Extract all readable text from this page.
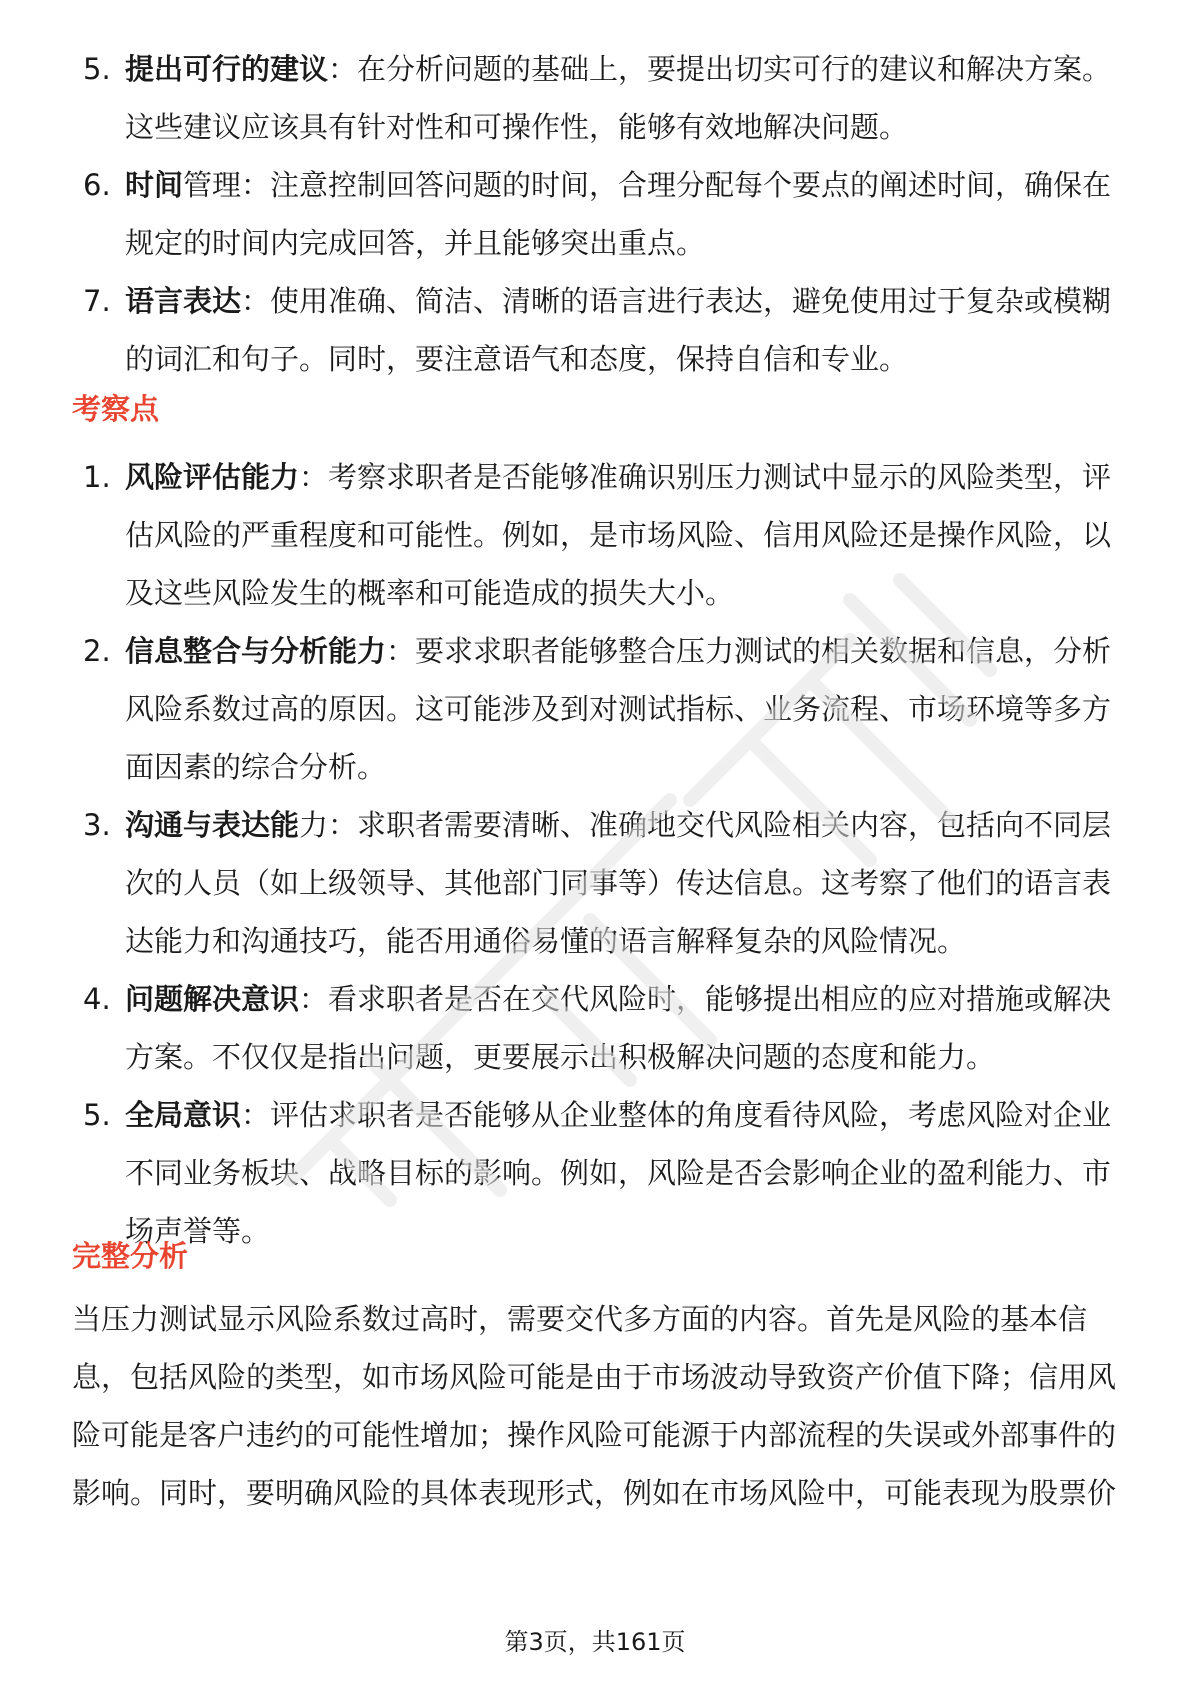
5. 提出可行的建议：在分析问题的基础上，要提出切实可行的建议和解决方案。这些建议应该具有针对性和可操作性，能够有效地解决问题。
6. 时间管理：注意控制回答问题的时间，合理分配每个要点的阐述时间，确保在规定的时间内完成回答，并且能够突出重点。
7. 语言表达：使用准确、简洁、清晰的语言进行表达，避免使用过于复杂或模糊的词汇和句子。同时，要注意语气和态度，保持自信和专业。
考察点
1. 风险评估能力：考察求职者是否能够准确识别压力测试中显示的风险类型，评估风险的严重程度和可能性。例如，是市场风险、信用风险还是操作风险，以及这些风险发生的概率和可能造成的损失大小。
2. 信息整合与分析能力：要求求职者能够整合压力测试的相关数据和信息，分析风险系数过高的原因。这可能涉及到对测试指标、业务流程、市场环境等多方面因素的综合分析。
3. 沟通与表达能力：求职者需要清晰、准确地交代风险相关内容，包括向不同层次的人员（如上级领导、其他部门同事等）传达信息。这考察了他们的语言表达能力和沟通技巧，能否用通俗易懂的语言解释复杂的风险情况。
4. 问题解决意识：看求职者是否在交代风险时，能够提出相应的应对措施或解决方案。不仅仅是指出问题，更要展示出积极解决问题的态度和能力。
5. 全局意识：评估求职者是否能够从企业整体的角度看待风险，考虑风险对企业不同业务板块、战略目标的影响。例如，风险是否会影响企业的盈利能力、市场声誉等。
完整分析

当压力测试显示风险系数过高时，需要交代多方面的内容。首先是风险的基本信息，包括风险的类型，如市场风险可能是由于市场波动导致资产价值下降；信用风险可能是客户违约的可能性增加；操作风险可能源于内部流程的失误或外部事件的影响。同时，要明确风险的具体表现形式，例如在市场风险中，可能表现为股票价

第3页，共161页
